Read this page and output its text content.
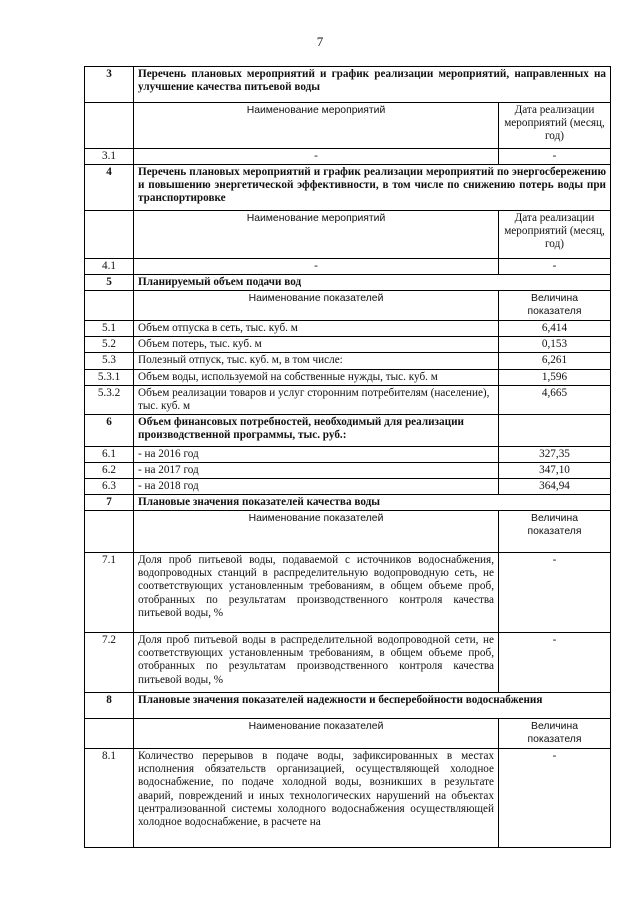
7
3	Перечень плановых мероприятий и график реализации мероприятий, направленных на улучшение качества питьевой воды	
	Наименование мероприятий	Дата реализации мероприятий (месяц, год)
3.1	-	-
4	Перечень плановых мероприятий и график реализации мероприятий по энергосбережению и повышению энергетической эффективности, в том числе по снижению потерь воды при транспортировке	
	Наименование мероприятий	Дата реализации мероприятий (месяц, год)
4.1	-	-
5	Планируемый объем подачи вод	
	Наименование показателей	Величина показателя
5.1	Объем отпуска в сеть, тыс. куб. м	6,414
5.2	Объем потерь, тыс. куб. м	0,153
5.3	Полезный отпуск, тыс. куб. м, в том числе:	6,261
5.3.1	Объем воды, используемой на собственные нужды, тыс. куб. м	1,596
5.3.2	Объем реализации товаров и услуг сторонним потребителям (население), тыс. куб. м	4,665
6	Объем финансовых потребностей, необходимый для реализации производственной программы, тыс. руб.:	
6.1	- на 2016 год	327,35
6.2	- на 2017 год	347,10
6.3	- на 2018 год	364,94
7	Плановые значения показателей качества воды	
	Наименование показателей	Величина показателя
7.1	Доля проб питьевой воды, подаваемой с источников водоснабжения, водопроводных станций в распределительную водопроводную сеть, не соответствующих установленным требованиям, в общем объеме проб, отобранных по результатам производственного контроля качества питьевой воды, %	-
7.2	Доля проб питьевой воды в распределительной водопроводной сети, не соответствующих установленным требованиям, в общем объеме проб, отобранных по результатам производственного контроля качества питьевой воды, %	-
8	Плановые значения показателей надежности и бесперебойности водоснабжения	
	Наименование показателей	Величина показателя
8.1	Количество перерывов в подаче воды, зафиксированных в местах исполнения обязательств организацией, осуществляющей холодное водоснабжение, по подаче холодной воды, возникших в результате аварий, повреждений и иных технологических нарушений на объектах централизованной системы холодного водоснабжения осуществляющей холодное водоснабжение, в расчете на	-
